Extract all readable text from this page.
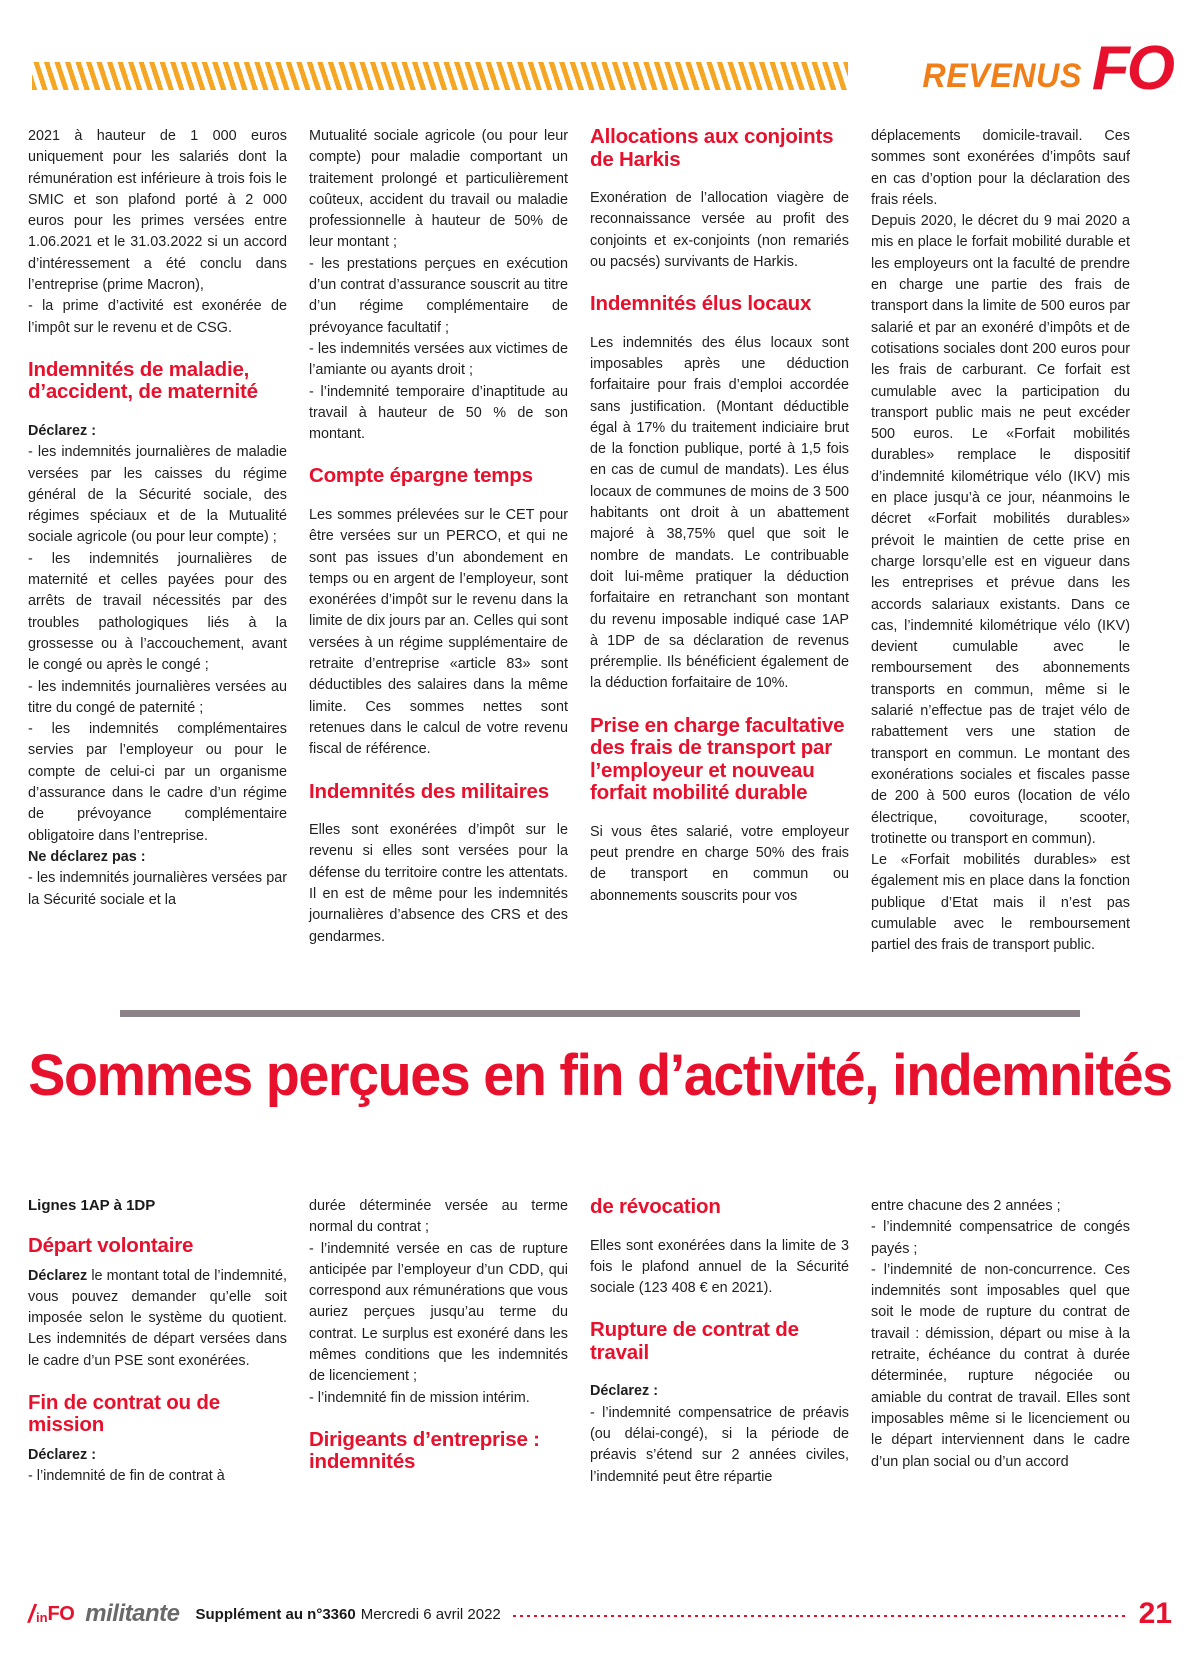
REVENUS FO

2021 à hauteur de 1 000 euros uniquement pour les salariés dont la rémunération est inférieure à trois fois le SMIC et son plafond porté à 2 000 euros pour les primes versées entre 1.06.2021 et le 31.03.2022 si un accord d’intéressement a été conclu dans l’entreprise (prime Macron),

- la prime d’activité est exonérée de l’impôt sur le revenu et de CSG.

Indemnités de maladie, d’accident, de maternité

Déclarez :

- les indemnités journalières de maladie versées par les caisses du régime général de la Sécurité sociale, des régimes spéciaux et de la Mutualité sociale agricole (ou pour leur compte) ;

- les indemnités journalières de maternité et celles payées pour des arrêts de travail nécessités par des troubles pathologiques liés à la grossesse ou à l’accouchement, avant le congé ou après le congé ;

- les indemnités journalières versées au titre du congé de paternité ;

- les indemnités complémentaires servies par l’employeur ou pour le compte de celui-ci par un organisme d’assurance dans le cadre d’un régime de prévoyance complémentaire obligatoire dans l’entreprise.

Ne déclarez pas :

- les indemnités journalières versées par la Sécurité sociale et la

Mutualité sociale agricole (ou pour leur compte) pour maladie comportant un traitement prolongé et particulièrement coûteux, accident du travail ou maladie professionnelle à hauteur de 50% de leur montant ;

- les prestations perçues en exécution d’un contrat d’assurance souscrit au titre d’un régime complémentaire de prévoyance facultatif ;

- les indemnités versées aux victimes de l’amiante ou ayants droit ;

- l’indemnité temporaire d’inaptitude au travail à hauteur de 50 % de son montant.

Compte épargne temps

Les sommes prélevées sur le CET pour être versées sur un PERCO, et qui ne sont pas issues d’un abondement en temps ou en argent de l’employeur, sont exonérées d’impôt sur le revenu dans la limite de dix jours par an. Celles qui sont versées à un régime supplémentaire de retraite d’entreprise «article 83» sont déductibles des salaires dans la même limite. Ces sommes nettes sont retenues dans le calcul de votre revenu fiscal de référence.

Indemnités des militaires

Elles sont exonérées d’impôt sur le revenu si elles sont versées pour la défense du territoire contre les attentats. Il en est de même pour les indemnités journalières d’absence des CRS et des gendarmes.

Allocations aux conjoints de Harkis

Exonération de l’allocation viagère de reconnaissance versée au profit des conjoints et ex-conjoints (non remariés ou pacsés) survivants de Harkis.

Indemnités élus locaux

Les indemnités des élus locaux sont imposables après une déduction forfaitaire pour frais d’emploi accordée sans justification. (Montant déductible égal à 17% du traitement indiciaire brut de la fonction publique, porté à 1,5 fois en cas de cumul de mandats). Les élus locaux de communes de moins de 3 500 habitants ont droit à un abattement majoré à 38,75% quel que soit le nombre de mandats. Le contribuable doit lui-même pratiquer la déduction forfaitaire en retranchant son montant du revenu imposable indiqué case 1AP à 1DP de sa déclaration de revenus préremplie. Ils bénéficient également de la déduction forfaitaire de 10%.

Prise en charge facultative des frais de transport par l’employeur et nouveau forfait mobilité durable

Si vous êtes salarié, votre employeur peut prendre en charge 50% des frais de transport en commun ou abonnements souscrits pour vos

déplacements domicile-travail. Ces sommes sont exonérées d’impôts sauf en cas d’option pour la déclaration des frais réels.

Depuis 2020, le décret du 9 mai 2020 a mis en place le forfait mobilité durable et les employeurs ont la faculté de prendre en charge une partie des frais de transport dans la limite de 500 euros par salarié et par an exonéré d’impôts et de cotisations sociales dont 200 euros pour les frais de carburant. Ce forfait est cumulable avec la participation du transport public mais ne peut excéder 500 euros. Le «Forfait mobilités durables» remplace le dispositif d’indemnité kilométrique vélo (IKV) mis en place jusqu’à ce jour, néanmoins le décret «Forfait mobilités durables» prévoit le maintien de cette prise en charge lorsqu’elle est en vigueur dans les entreprises et prévue dans les accords salariaux existants. Dans ce cas, l’indemnité kilométrique vélo (IKV) devient cumulable avec le remboursement des abonnements transports en commun, même si le salarié n’effectue pas de trajet vélo de rabattement vers une station de transport en commun. Le montant des exonérations sociales et fiscales passe de 200 à 500 euros (location de vélo électrique, covoiturage, scooter, trotinette ou transport en commun).

Le «Forfait mobilités durables» est également mis en place dans la fonction publique d’Etat mais il n’est pas cumulable avec le remboursement partiel des frais de transport public.

Sommes perçues en fin d’activité, indemnités
Lignes 1AP à 1DP
Départ volontaire

Déclarez le montant total de l’indemnité, vous pouvez demander qu’elle soit imposée selon le système du quotient. Les indemnités de départ versées dans le cadre d’un PSE sont exonérées.

Fin de contrat ou de mission

Déclarez :

- l’indemnité de fin de contrat à

durée déterminée versée au terme normal du contrat ;

- l’indemnité versée en cas de rupture anticipée par l’employeur d’un CDD, qui correspond aux rémunérations que vous auriez perçues jusqu’au terme du contrat. Le surplus est exonéré dans les mêmes conditions que les indemnités de licenciement ;

- l’indemnité fin de mission intérim.

Dirigeants d’entreprise : indemnités
de révocation

Elles sont exonérées dans la limite de 3 fois le plafond annuel de la Sécurité sociale (123 408 € en 2021).

Rupture de contrat de travail

Déclarez :

- l’indemnité compensatrice de préavis (ou délai-congé), si la période de préavis s’étend sur 2 années civiles, l’indemnité peut être répartie

entre chacune des 2 années ;

- l’indemnité compensatrice de congés payés ;

- l’indemnité de non-concurrence. Ces indemnités sont imposables quel que soit le mode de rupture du contrat de travail : démission, départ ou mise à la retraite, échéance du contrat à durée déterminée, rupture négociée ou amiable du contrat de travail. Elles sont imposables même si le licenciement ou le départ interviennent dans le cadre d’un plan social ou d’un accord

/ in FO militante Supplément au n°3360 Mercredi 6 avril 2022	21
